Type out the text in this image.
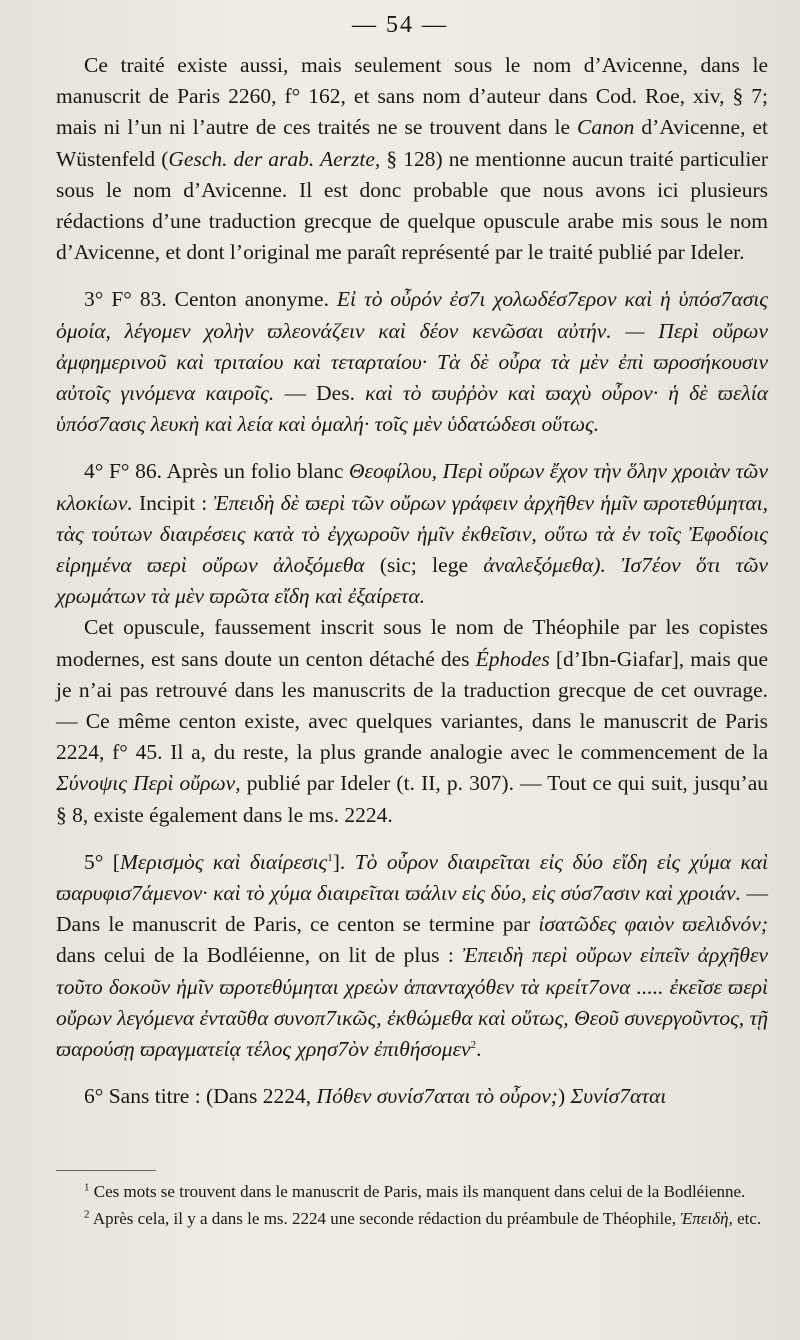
— 54 —

Ce traité existe aussi, mais seulement sous le nom d’Avicenne, dans le manuscrit de Paris 2260, f° 162, et sans nom d’auteur dans Cod. Roe, xiv, § 7; mais ni l’un ni l’autre de ces traités ne se trouvent dans le Canon d’Avicenne, et Wüstenfeld (Gesch. der arab. Aerzte, § 128) ne mentionne aucun traité particulier sous le nom d’Avicenne. Il est donc probable que nous avons ici plusieurs rédactions d’une traduction grecque de quelque opuscule arabe mis sous le nom d’Avicenne, et dont l’original me paraît représenté par le traité publié par Ideler.

3° F° 83. Centon anonyme. Εἰ τὸ οὖρόν ἐσ7ι χολωδέσ7ερον καὶ ἡ ὑπόσ7ασις ὁμοία, λέγομεν χολὴν ϖλεονάζειν καὶ δέον κενῶσαι αὐτήν. — Περὶ οὔρων ἀμφημερινοῦ καὶ τριταίου καὶ τεταρταίου· Τὰ δὲ οὖρα τὰ μὲν ἐπὶ ϖροσήκουσιν αὐτοῖς γινόμενα καιροῖς. — Des. καὶ τὸ ϖυῤῥὸν καὶ ϖαχὺ οὖρον· ἡ δὲ ϖελία ὑπόσ7ασις λευκὴ καὶ λεία καὶ ὁμαλή· τοῖς μὲν ὑδατώδεσι οὕτως.

4° F° 86. Après un folio blanc Θεοφίλου, Περὶ οὔρων ἔχον τὴν ὅλην χροιὰν τῶν κλοκίων. Incipit : Ἐπειδὴ δὲ ϖερὶ τῶν οὔρων γράφειν ἀρχῆθεν ἡμῖν ϖροτεθύμηται, τὰς τούτων διαιρέσεις κατὰ τὸ ἐγχωροῦν ἡμῖν ἐκθεῖσιν, οὕτω τὰ ἐν τοῖς Ἐφοδίοις εἰρημένα ϖερὶ οὔρων ἀλοξόμεθα (sic; lege ἀναλεξόμεθα). Ἰσ7έον ὅτι τῶν χρωμάτων τὰ μὲν ϖρῶτα εἴδη καὶ ἐξαίρετα.

Cet opuscule, faussement inscrit sous le nom de Théophile par les copistes modernes, est sans doute un centon détaché des Éphodes [d’Ibn-Giafar], mais que je n’ai pas retrouvé dans les manuscrits de la traduction grecque de cet ouvrage. — Ce même centon existe, avec quelques variantes, dans le manuscrit de Paris 2224, f° 45. Il a, du reste, la plus grande analogie avec le commencement de la Σύνοψις Περὶ οὔρων, publié par Ideler (t. II, p. 307). — Tout ce qui suit, jusqu’au § 8, existe également dans le ms. 2224.

5° [Μερισμὸς καὶ διαίρεσις$^1$]. Τὸ οὖρον διαιρεῖται εἰς δύο εἴδη εἰς χύμα καὶ ϖαρυφισ7άμενον· καὶ τὸ χύμα διαιρεῖται ϖάλιν εἰς δύο, εἰς σύσ7ασιν καὶ χροιάν. — Dans le manuscrit de Paris, ce centon se termine par ἰσατῶδες φαιὸν ϖελιδνόν; dans celui de la Bodléienne, on lit de plus : Ἐπειδὴ περὶ οὔρων εἰπεῖν ἀρχῆθεν τοῦτο δοκοῦν ἡμῖν ϖροτεθύμηται χρεὼν ἁπανταχόθεν τὰ κρείτ7ονα ..... ἐκεῖσε ϖερὶ οὔρων λεγόμενα ἐνταῦθα συνοπ7ικῶς, ἐκθώμεθα καὶ οὕτως, Θεοῦ συνεργοῦντος, τῇ ϖαρούσῃ ϖραγματείᾳ τέλος χρησ7ὸν ἐπιθήσομεν$^2$.

6° Sans titre : (Dans 2224, Πόθεν συνίσ7αται τὸ οὖρον;) Συνίσ7αται

$^1$ Ces mots se trouvent dans le manuscrit de Paris, mais ils manquent dans celui de la Bodléienne.

$^2$ Après cela, il y a dans le ms. 2224 une seconde rédaction du préambule de Théophile, Ἐπειδὴ, etc.
